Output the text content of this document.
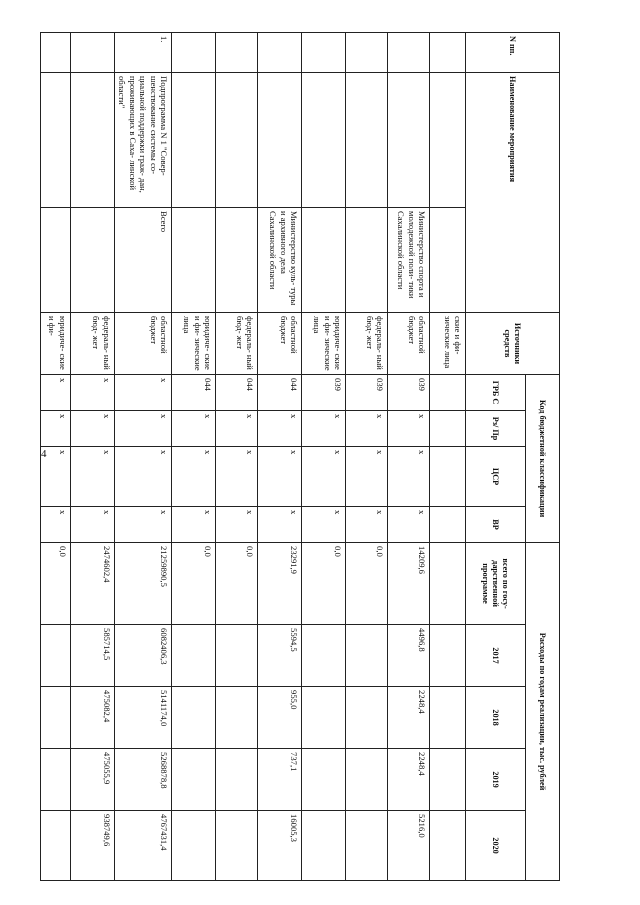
4
N пп.	Наименование мероприятия		Источники средств	Код бюджетной классификации				Расходы по годам реализации, тыс. рублей				
				ГРБ С	Рз/ Пр	ЦСР	ВР	всего по госу- дарственной программе	2017	2018	2019	2020
			ские и фи- зические лица									
		Министерство спорта и молодежной поли- тики Сахалинской области	областной бюджет	039	х	х	х	14209,6	4496,8	2248,4	2248,4	5216,0
			федераль- ный бюд- жет	039	х	х	х	0,0				
			юридиче- ские и фи- зические лица	039	х	х	х	0,0				
		Министерство куль- туры и архивного дела Сахалинской области	областной бюджет	044	х	х	х	23291,9	5594,5	955,0	737,1	16005,3
			федераль- ный бюд- жет	044	х	х	х	0,0				
			юридиче- ские и фи- зические лица	044	х	х	х	0,0				
1.	Подпрограмма N 1 "Совер- шенствование системы со- циальной поддержки граж- дан, проживающих в Саха- линской области"	Всего	областной бюджет	х	х	х	х	21259890,5	6082406,3	5141174,0	5268878,8	4767431,4
			федераль- ный бюд- жет	х	х	х	х	2474602,4	585714,5	475082,4	475055,9	938749,6
			юридиче- ские и фи-	х	х	х	х	0,0				
